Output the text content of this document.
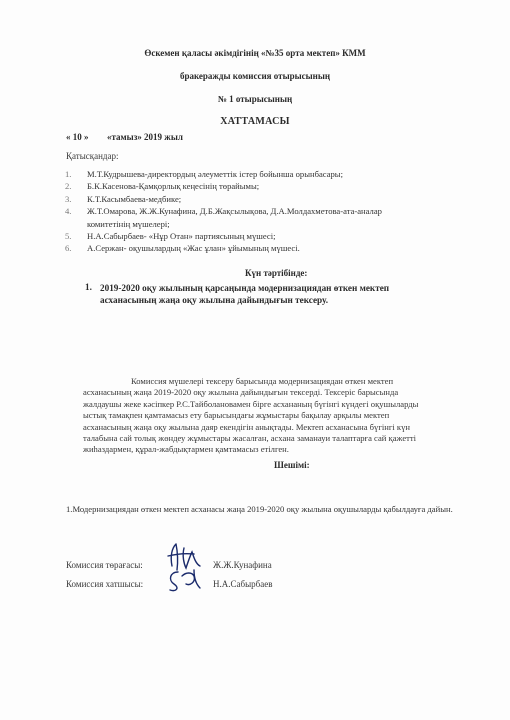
Өскемен қаласы әкімдігінің «№35 орта мектеп» КММ
бракеражды комиссия отырысының
№ 1 отырысының
ХАТТАМАСЫ
« 10 » «тамыз» 2019 жыл
Қатысқандар:
1. М.Т.Кудрышева-директордың әлеуметтік істер бойынша орынбасары;
2. Б.К.Касенова-Қамқорлық кеңесінің төрайымы;
3. К.Т.Касымбаева-медбике;
4. Ж.Т.Омарова, Ж.Ж.Кунафина, Д.Б.Жақсылықова, Д.А.Молдахметова-ата-аналар
комитетінің мүшелері;
5. Н.А.Сабырбаев- «Нұр Отан» партиясының мүшесі;
6. А.Сержан- оқушылардың «Жас ұлан» ұйымының мүшесі.
Күн тәртібінде:
1. 2019-2020 оқу жылының қарсаңында модернизациядан өткен мектеп асханасының жаңа оқу жылына дайындығын тексеру.
Комиссия мүшелері тексеру барысында модернизациядан өткен мектеп асханасының жаңа 2019-2020 оқу жылына дайындығын тексерді. Тексеріс барысында жалдаушы жеке кәсіпкер Р.С.Тайболановамен бірге асхананың бүгінгі күндегі оқушыларды ыстық тамақпен қамтамасыз ету барысындағы жұмыстары бақылау арқылы мектеп асханасының жаңа оқу жылына даяр екендігін анықтады. Мектеп асханасына бүгінгі күн талабына сай толық жөндеу жұмыстары жасалған, асхана заманауи талаптарға сай қажетті жиһаздармен, құрал-жабдықтармен қамтамасыз етілген.
Шешімі:
1.Модернизациядан өткен мектеп асханасы жаңа 2019-2020 оқу жылына оқушыларды қабылдауға дайын.
Комиссия төрағасы:	Ж.Ж.Кунафина
Комиссия хатшысы:	Н.А.Сабырбаев
